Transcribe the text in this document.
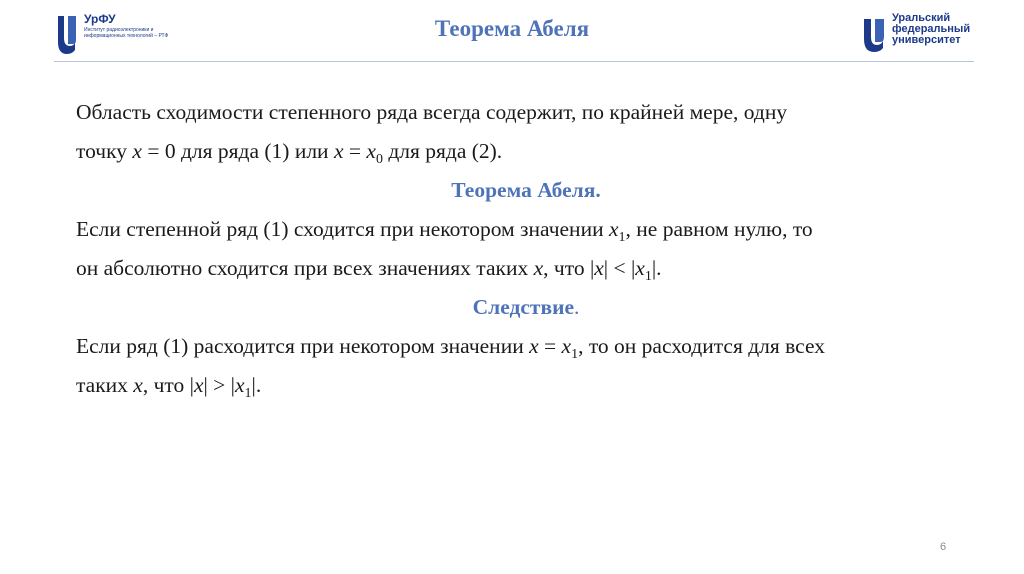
УрФУ
Институт радиоэлектроники и информационных технологий – РТФ	Теорема Абеля	Уральский
федеральный
университет
Область сходимости степенного ряда всегда содержит, по крайней мере, одну
точку x = 0 для ряда (1) или $x = x_0$ для ряда (2).
Теорема Абеля.
Если степенной ряд (1) сходится при некотором значении $x_1$, не равном нулю, то
он абсолютно сходится при всех значениях таких x, что $|x| < |x_1|$.
Следствие.
Если ряд (1) расходится при некотором значении $x = x_1$, то он расходится для всех
таких x, что $|x| > |x_1|$.
6
